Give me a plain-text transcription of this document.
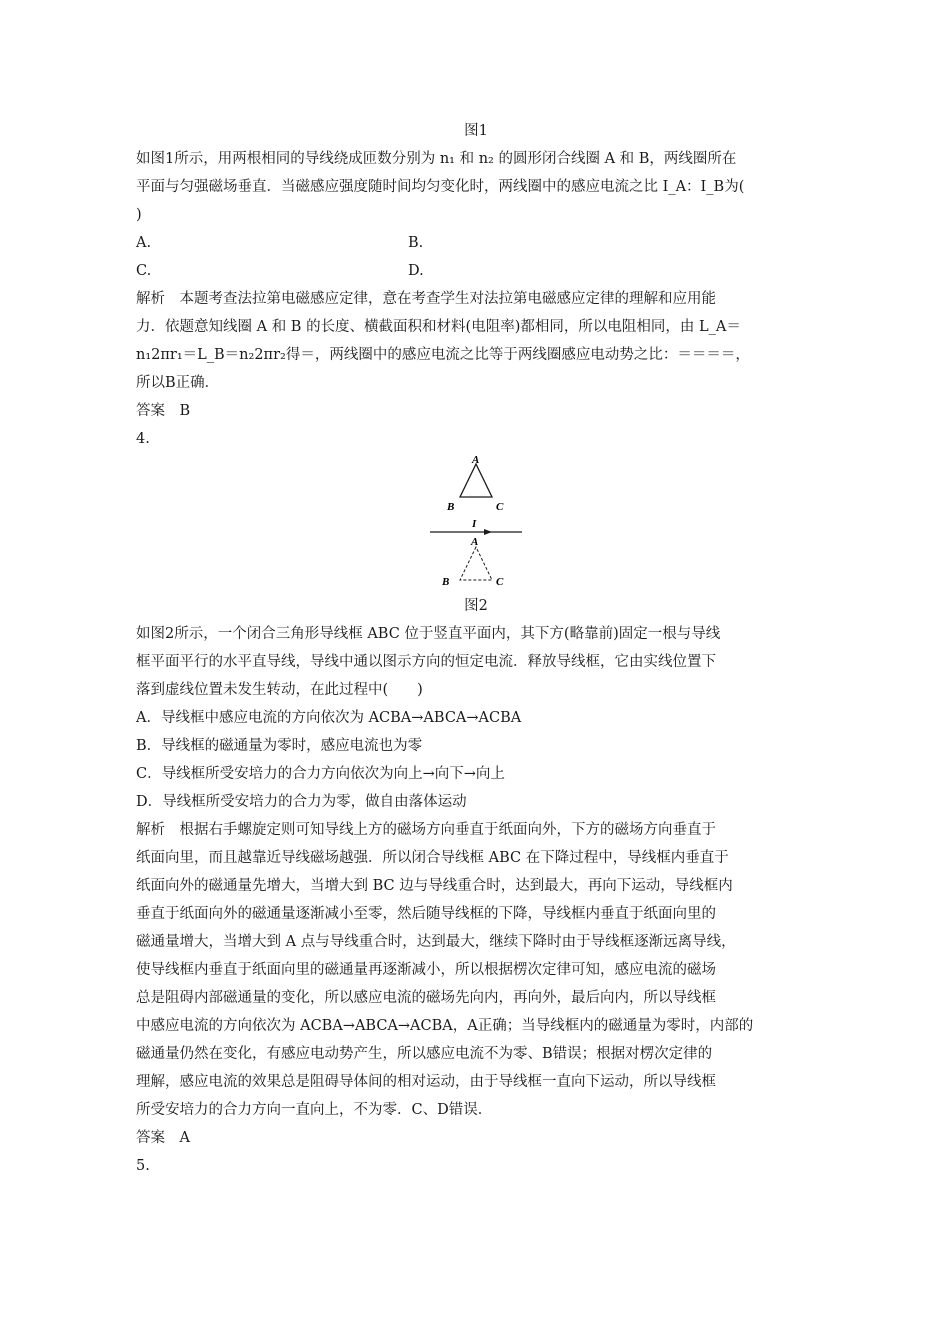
图1
如图1所示，用两根相同的导线绕成匝数分别为 n₁ 和 n₂ 的圆形闭合线圈 A 和 B，两线圈所在
平面与匀强磁场垂直．当磁感应强度随时间均匀变化时，两线圈中的感应电流之比 I_A：I_B为(
)
A.	B.
C.	D.
解析　本题考查法拉第电磁感应定律，意在考查学生对法拉第电磁感应定律的理解和应用能
力．依题意知线圈 A 和 B 的长度、横截面积和材料(电阻率)都相同，所以电阻相同，由 L_A＝
n₁2πr₁＝L_B＝n₂2πr₂得＝，两线圈中的感应电流之比等于两线圈感应电动势之比：＝＝＝＝，
所以B正确．
答案　B
4.
A
B	C
I
A
B	C
图2
如图2所示，一个闭合三角形导线框 ABC 位于竖直平面内，其下方(略靠前)固定一根与导线
框平面平行的水平直导线，导线中通以图示方向的恒定电流．释放导线框，它由实线位置下
落到虚线位置未发生转动，在此过程中(　　)
A．导线框中感应电流的方向依次为 ACBA→ABCA→ACBA
B．导线框的磁通量为零时，感应电流也为零
C．导线框所受安培力的合力方向依次为向上→向下→向上
D．导线框所受安培力的合力为零，做自由落体运动
解析　根据右手螺旋定则可知导线上方的磁场方向垂直于纸面向外，下方的磁场方向垂直于
纸面向里，而且越靠近导线磁场越强．所以闭合导线框 ABC 在下降过程中，导线框内垂直于
纸面向外的磁通量先增大，当增大到 BC 边与导线重合时，达到最大，再向下运动，导线框内
垂直于纸面向外的磁通量逐渐减小至零，然后随导线框的下降，导线框内垂直于纸面向里的
磁通量增大，当增大到 A 点与导线重合时，达到最大，继续下降时由于导线框逐渐远离导线，
使导线框内垂直于纸面向里的磁通量再逐渐减小，所以根据楞次定律可知，感应电流的磁场
总是阻碍内部磁通量的变化，所以感应电流的磁场先向内，再向外，最后向内，所以导线框
中感应电流的方向依次为 ACBA→ABCA→ACBA，A正确；当导线框内的磁通量为零时，内部的
磁通量仍然在变化，有感应电动势产生，所以感应电流不为零、B错误；根据对楞次定律的
理解，感应电流的效果总是阻碍导体间的相对运动，由于导线框一直向下运动，所以导线框
所受安培力的合力方向一直向上，不为零．C、D错误．
答案　A
5.
